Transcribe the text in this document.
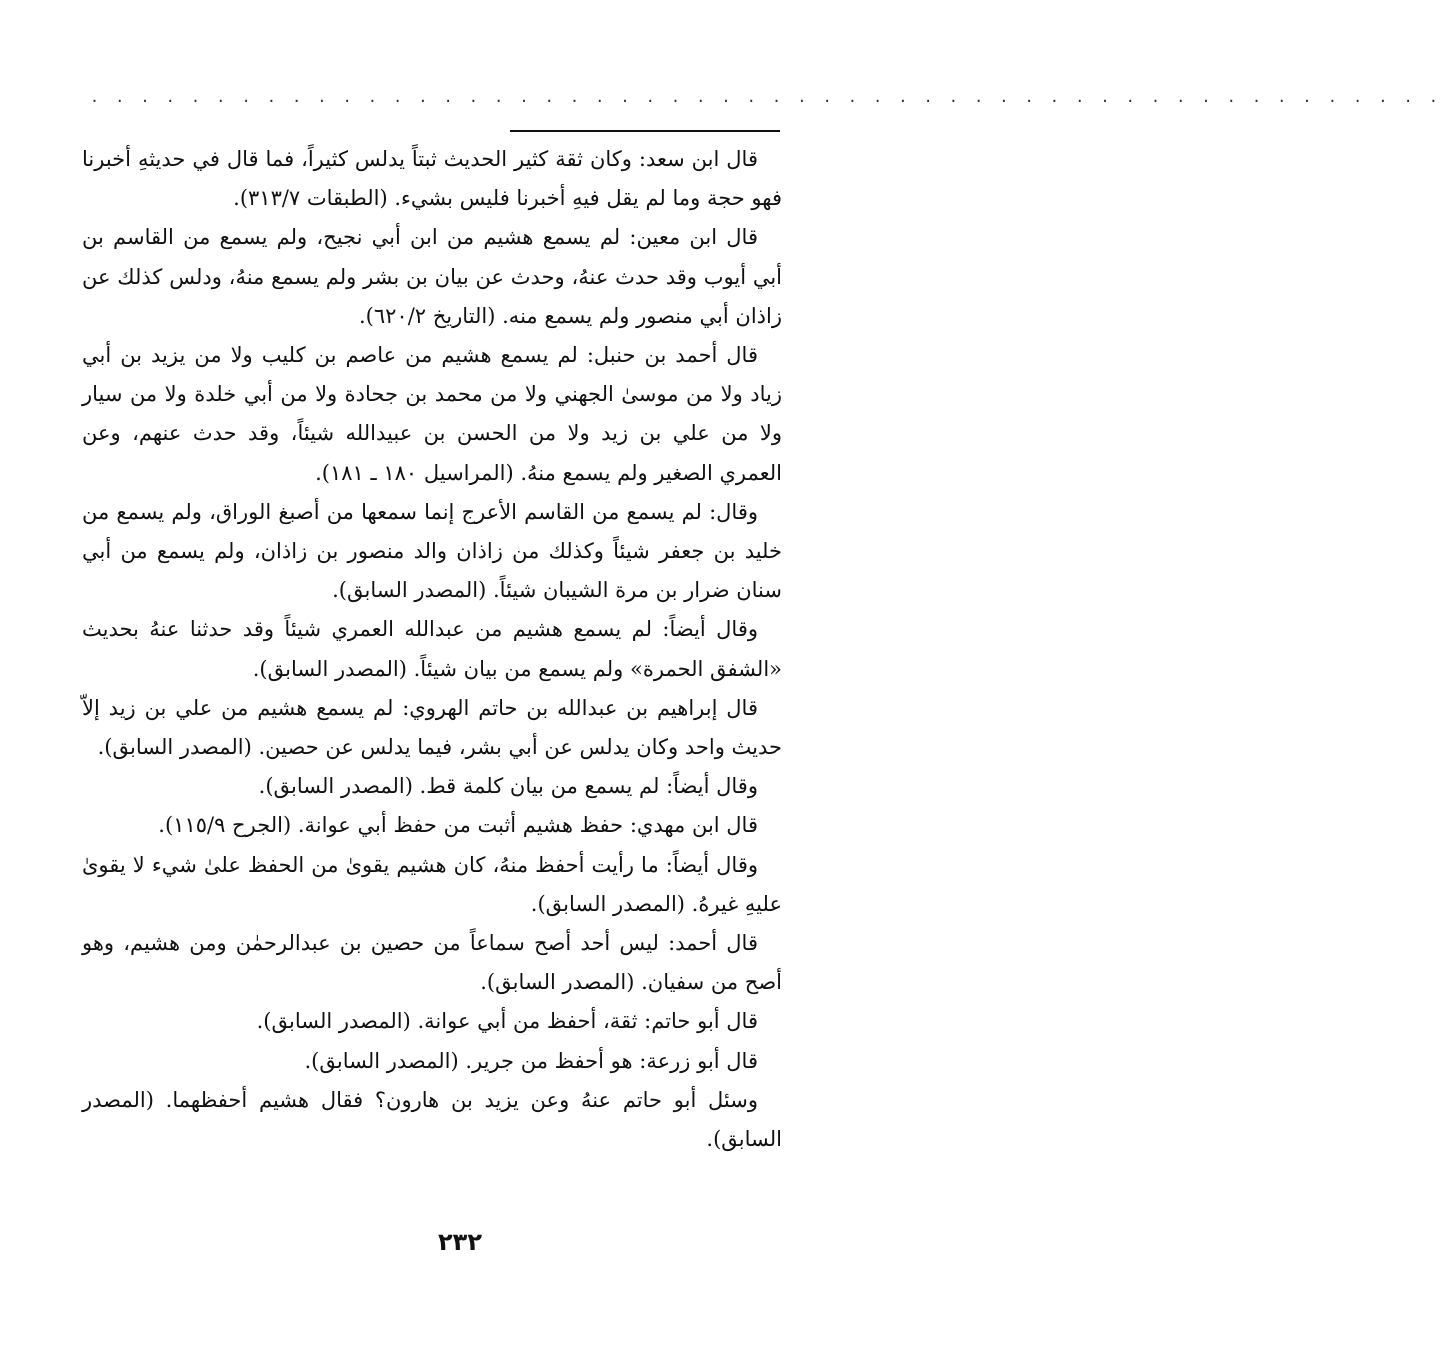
· · · · · · · · · · · · · · · · · · · · · · · · · · · · · · · · · · · · · · · · · · · · · · · · · · · · · ·

قال ابن سعد: وكان ثقة كثير الحديث ثبتاً يدلس كثيراً، فما قال في حديثهِ أخبرنا فهو حجة وما لم يقل فيهِ أخبرنا فليس بشيء. (الطبقات ٣١٣/٧).

قال ابن معين: لم يسمع هشيم من ابن أبي نجيح، ولم يسمع من القاسم بن أبي أيوب وقد حدث عنهُ، وحدث عن بيان بن بشر ولم يسمع منهُ، ودلس كذلك عن زاذان أبي منصور ولم يسمع منه. (التاريخ ٦٢٠/٢).

قال أحمد بن حنبل: لم يسمع هشيم من عاصم بن كليب ولا من يزيد بن أبي زياد ولا من موسىٰ الجهني ولا من محمد بن جحادة ولا من أبي خلدة ولا من سيار ولا من علي بن زيد ولا من الحسن بن عبيدالله شيئاً، وقد حدث عنهم، وعن العمري الصغير ولم يسمع منهُ. (المراسيل ١٨٠ ـ ١٨١).

وقال: لم يسمع من القاسم الأعرج إنما سمعها من أصبغ الوراق، ولم يسمع من خليد بن جعفر شيئاً وكذلك من زاذان والد منصور بن زاذان، ولم يسمع من أبي سنان ضرار بن مرة الشيبان شيئاً. (المصدر السابق).

وقال أيضاً: لم يسمع هشيم من عبدالله العمري شيئاً وقد حدثنا عنهُ بحديث «الشفق الحمرة» ولم يسمع من بيان شيئاً. (المصدر السابق).

قال إبراهيم بن عبدالله بن حاتم الهروي: لم يسمع هشيم من علي بن زيد إلاّ حديث واحد وكان يدلس عن أبي بشر، فيما يدلس عن حصين. (المصدر السابق).

وقال أيضاً: لم يسمع من بيان كلمة قط. (المصدر السابق).

قال ابن مهدي: حفظ هشيم أثبت من حفظ أبي عوانة. (الجرح ١١٥/٩).

وقال أيضاً: ما رأيت أحفظ منهُ، كان هشيم يقوىٰ من الحفظ علىٰ شيء لا يقوىٰ عليهِ غيرهُ. (المصدر السابق).

قال أحمد: ليس أحد أصح سماعاً من حصين بن عبدالرحمٰن ومن هشيم، وهو أصح من سفيان. (المصدر السابق).

قال أبو حاتم: ثقة، أحفظ من أبي عوانة. (المصدر السابق).

قال أبو زرعة: هو أحفظ من جرير. (المصدر السابق).

وسئل أبو حاتم عنهُ وعن يزيد بن هارون؟ فقال هشيم أحفظهما. (المصدر السابق).

٢٣٢
